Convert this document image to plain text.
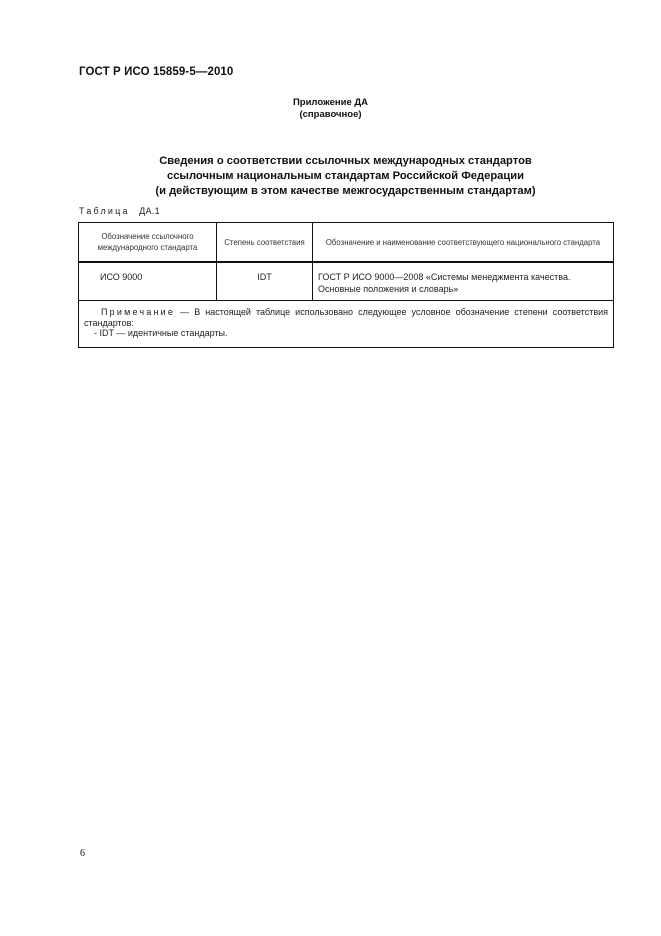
ГОСТ Р ИСО 15859-5—2010
Приложение ДА
(справочное)
Сведения о соответствии ссылочных международных стандартов
ссылочным национальным стандартам Российской Федерации
(и действующим в этом качестве межгосударственным стандартам)
Таблица ДА.1
Обозначение ссылочного международного стандарта	Степень соответствия	Обозначение и наименование соответствующего национального стандарта
ИСО 9000	IDT	ГОСТ Р ИСО 9000—2008 «Системы менеджмента качества. Основные положения и словарь»

Примечание — В настоящей таблице использовано следующее условное обозначение степени соответствия стандартов:
- IDT — идентичные стандарты.		
6
